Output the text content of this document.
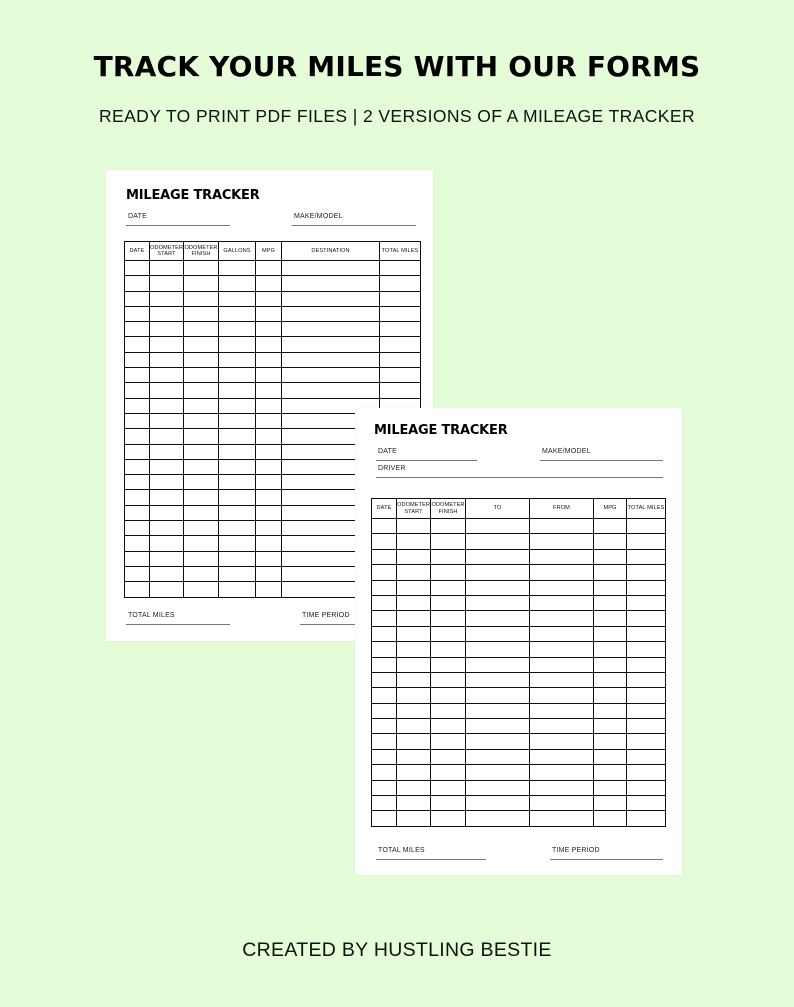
TRACK YOUR MILES WITH OUR FORMS
READY TO PRINT PDF FILES | 2 VERSIONS OF A MILEAGE TRACKER
MILEAGE TRACKER
DATE	MAKE/MODEL
DATE	ODOMETER START	ODOMETER FINISH	GALLONS	MPG	DESTINATION	TOTAL MILES

TOTAL MILES	TIME PERIOD
MILEAGE TRACKER
DATE	MAKE/MODEL
DRIVER
DATE	ODOMETER START	ODOMETER FINISH	TO	FROM	MPG	TOTAL MILES

TOTAL MILES	TIME PERIOD
CREATED BY HUSTLING BESTIE
